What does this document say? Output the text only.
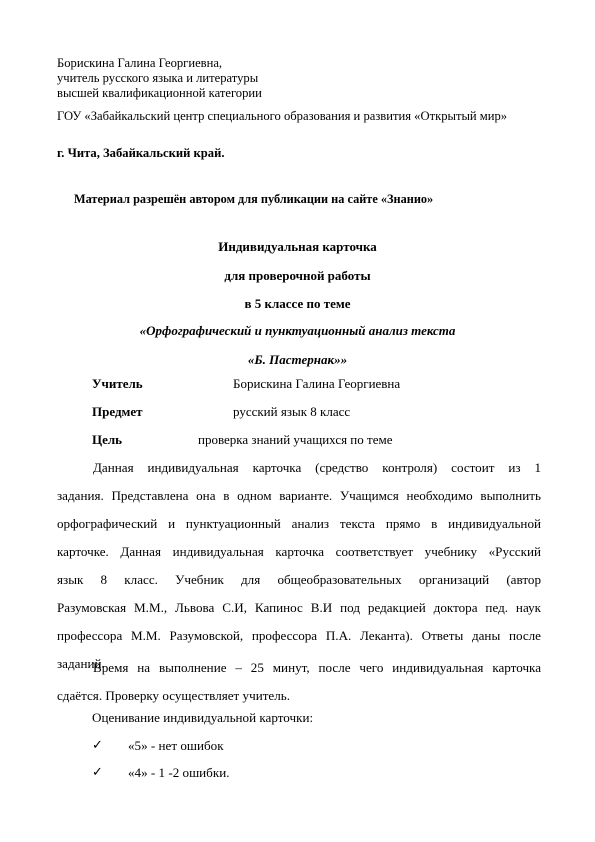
Борискина Галина Георгиевна,
учитель русского языка и литературы
высшей квалификационной категории
ГОУ «Забайкальский центр специального образования и развития «Открытый мир»
г. Чита, Забайкальский край.
Материал разрешён автором для публикации на сайте «Знанио»
Индивидуальная карточка
для проверочной работы
в 5 классе по теме
«Орфографический и пунктуационный анализ текста
«Б. Пастернак»»
Учитель	Борискина Галина Георгиевна
Предмет	русский язык 8 класс
Цель	проверка знаний учащихся по теме
Данная индивидуальная карточка (средство контроля) состоит из 1
задания. Представлена она в одном варианте. Учащимся необходимо выполнить
орфографический и пунктуационный анализ текста прямо в индивидуальной
карточке. Данная индивидуальная карточка соответствует учебнику «Русский
язык 8 класс. Учебник для общеобразовательных организаций (автор
Разумовская М.М., Львова С.И, Капинос В.И под редакцией доктора пед. наук
профессора М.М. Разумовской, профессора П.А. Леканта). Ответы даны после
заданий.
Время на выполнение – 25 минут, после чего индивидуальная карточка
сдаётся. Проверку осуществляет учитель.
Оценивание индивидуальной карточки:
✓ «5» - нет ошибок
✓ «4» - 1 -2 ошибки.
